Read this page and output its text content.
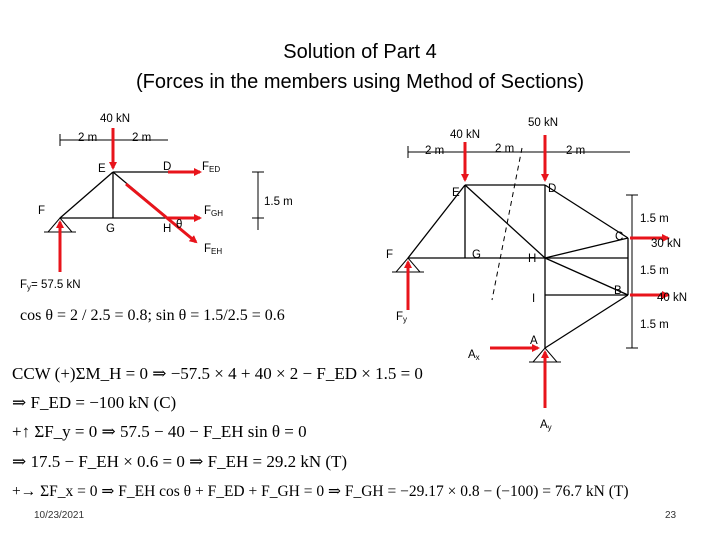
Solution of Part 4
(Forces in the members using Method of Sections)
2 m	2 m
40 kN
E	D
F
G	H
FED
FGH
FEH
θ
1.5 m
Fy= 57.5 kN
2 m	2 m	2 m
40 kN
50 kN
E	D
C
F	G	H
I
B
A
1.5 m
1.5 m
1.5 m
30 kN
40 kN
Fy
Ax
Ay
cos θ = 2 / 2.5 = 0.8; sin θ = 1.5/2.5 = 0.6
CCW (+)ΣM_H = 0 ⇒ −57.5 × 4 + 40 × 2 − F_ED × 1.5 = 0
⇒ F_ED = −100 kN (C)
+↑ ΣF_y = 0 ⇒ 57.5 − 40 − F_EH sin θ = 0
⇒ 17.5 − F_EH × 0.6 = 0 ⇒ F_EH = 29.2 kN (T)
+→ ΣF_x = 0 ⇒ F_EH cos θ + F_ED + F_GH = 0 ⇒ F_GH = −29.17 × 0.8 − (−100) = 76.7 kN (T)
10/23/2021	23
